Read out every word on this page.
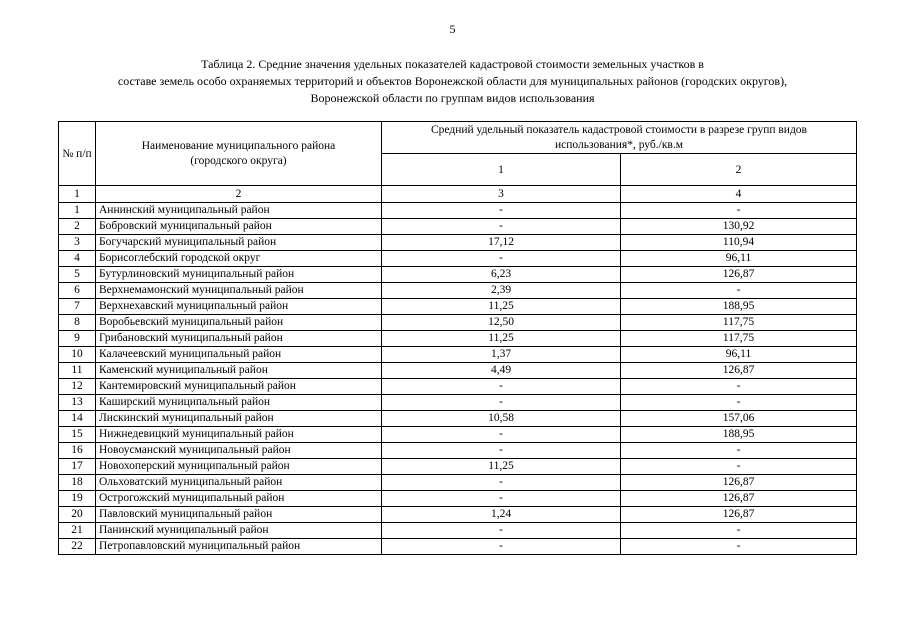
5
Таблица 2. Средние значения удельных показателей кадастровой стоимости земельных участков в
составе земель особо охраняемых территорий и объектов Воронежской области для муниципальных районов (городских округов),
Воронежской области по группам видов использования
№ п/п	Наименование муниципального района (городского округа)	Средний удельный показатель кадастровой стоимости в разрезе групп видов использования*, руб./кв.м	
		1	2
1	2	3	4
1	Аннинский муниципальный район	-	-
2	Бобровский муниципальный район	-	130,92
3	Богучарский муниципальный район	17,12	110,94
4	Борисоглебский городской округ	-	96,11
5	Бутурлиновский муниципальный район	6,23	126,87
6	Верхнемамонский муниципальный район	2,39	-
7	Верхнехавский муниципальный район	11,25	188,95
8	Воробьевский муниципальный район	12,50	117,75
9	Грибановский муниципальный район	11,25	117,75
10	Калачеевский муниципальный район	1,37	96,11
11	Каменский муниципальный район	4,49	126,87
12	Кантемировский муниципальный район	-	-
13	Каширский муниципальный район	-	-
14	Лискинский муниципальный район	10,58	157,06
15	Нижнедевицкий муниципальный район	-	188,95
16	Новоусманский муниципальный район	-	-
17	Новохоперский муниципальный район	11,25	-
18	Ольховатский муниципальный район	-	126,87
19	Острогожский муниципальный район	-	126,87
20	Павловский муниципальный район	1,24	126,87
21	Панинский муниципальный район	-	-
22	Петропавловский муниципальный район	-	-
